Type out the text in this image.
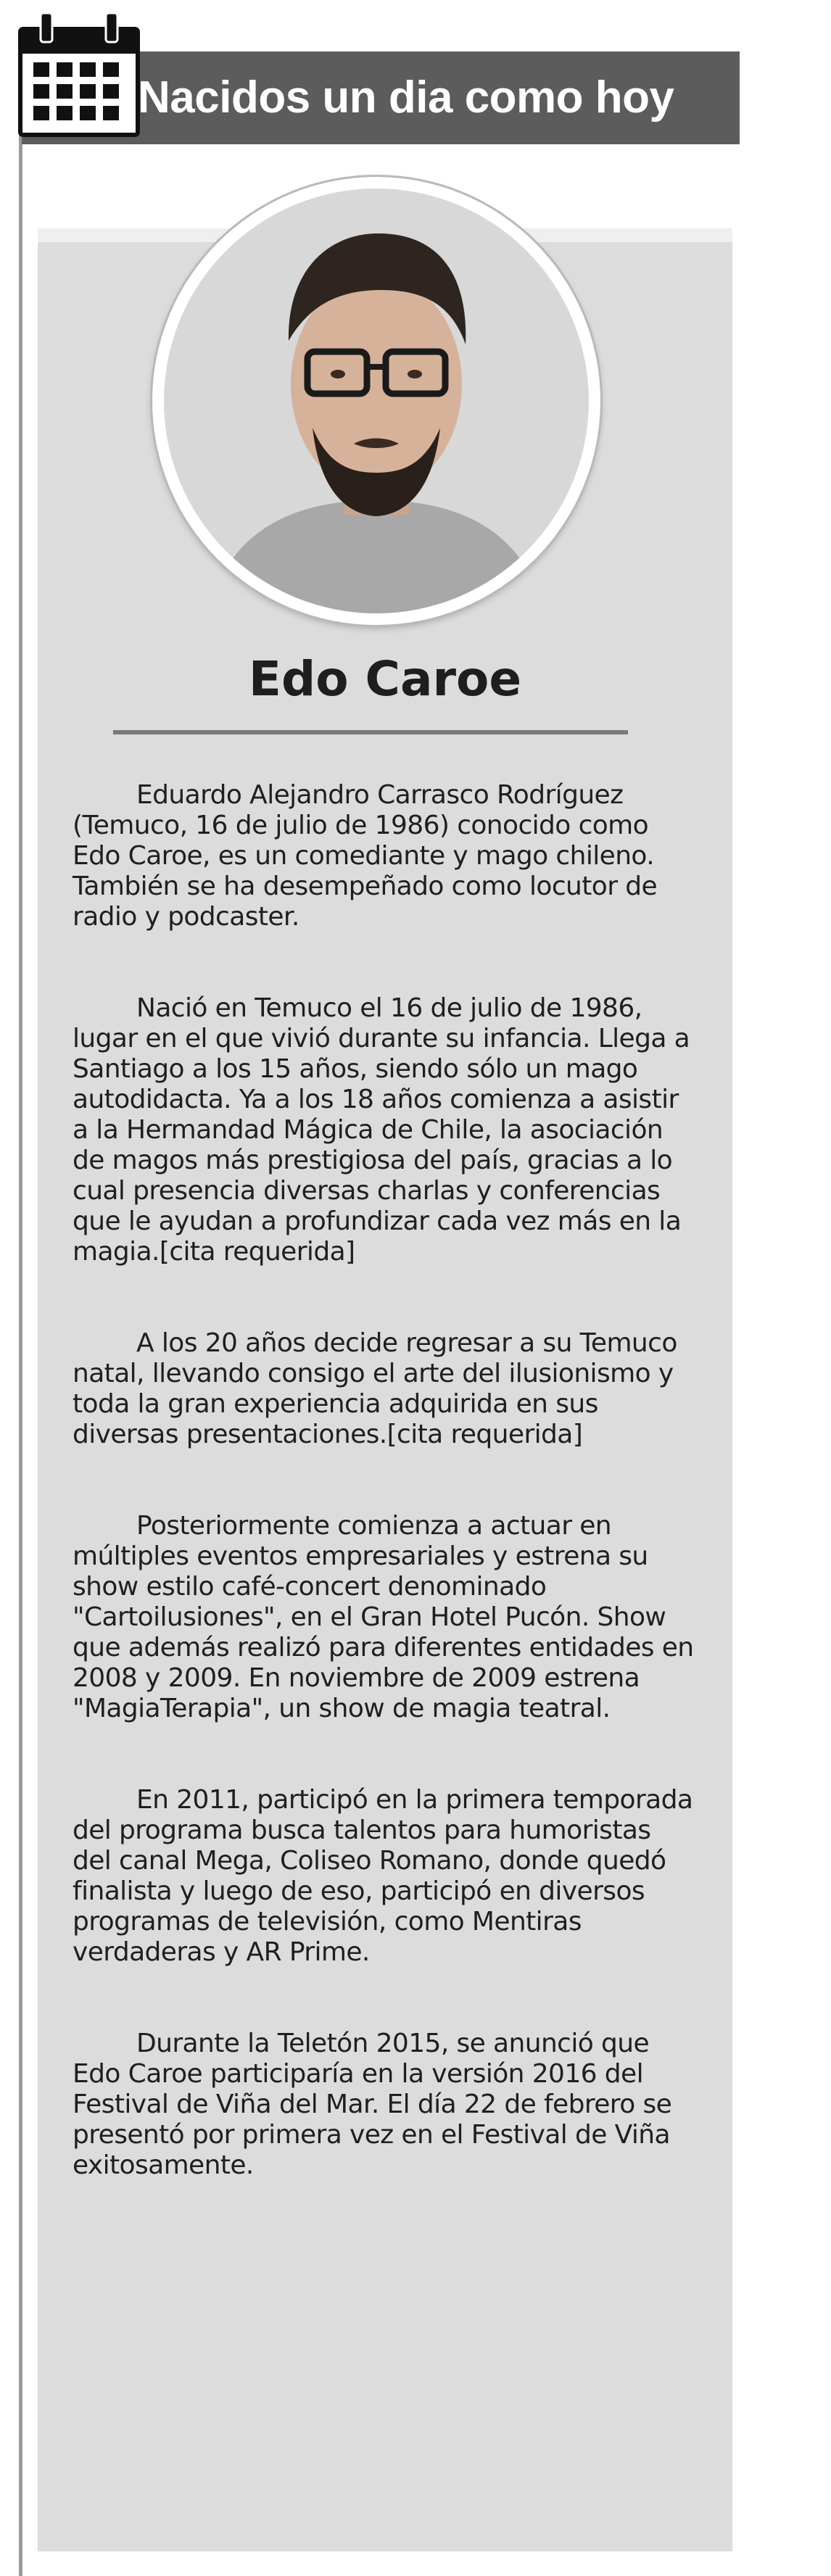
Nacidos un dia como hoy
Edo Caroe

Eduardo Alejandro Carrasco Rodríguez (Temuco, 16 de julio de 1986) conocido como Edo Caroe, es un comediante y mago chileno. También se ha desempeñado como locutor de radio y podcaster.

Nació en Temuco el 16 de julio de 1986, lugar en el que vivió durante su infancia. Llega a Santiago a los 15 años, siendo sólo un mago autodidacta. Ya a los 18 años comienza a asistir a la Hermandad Mágica de Chile, la asociación de magos más prestigiosa del país, gracias a lo cual presencia diversas charlas y conferencias que le ayudan a profundizar cada vez más en la magia.[cita requerida]

A los 20 años decide regresar a su Temuco natal, llevando consigo el arte del ilusionismo y toda la gran experiencia adquirida en sus diversas presentaciones.[cita requerida]

Posteriormente comienza a actuar en múltiples eventos empresariales y estrena su show estilo café-concert denominado "Cartoilusiones", en el Gran Hotel Pucón. Show que además realizó para diferentes entidades en 2008 y 2009. En noviembre de 2009 estrena "MagiaTerapia", un show de magia teatral.

En 2011, participó en la primera temporada del programa busca talentos para humoristas del canal Mega, Coliseo Romano, donde quedó finalista y luego de eso, participó en diversos programas de televisión, como Mentiras verdaderas y AR Prime.

Durante la Teletón 2015, se anunció que Edo Caroe participaría en la versión 2016 del Festival de Viña del Mar. El día 22 de febrero se presentó por primera vez en el Festival de Viña exitosamente.
